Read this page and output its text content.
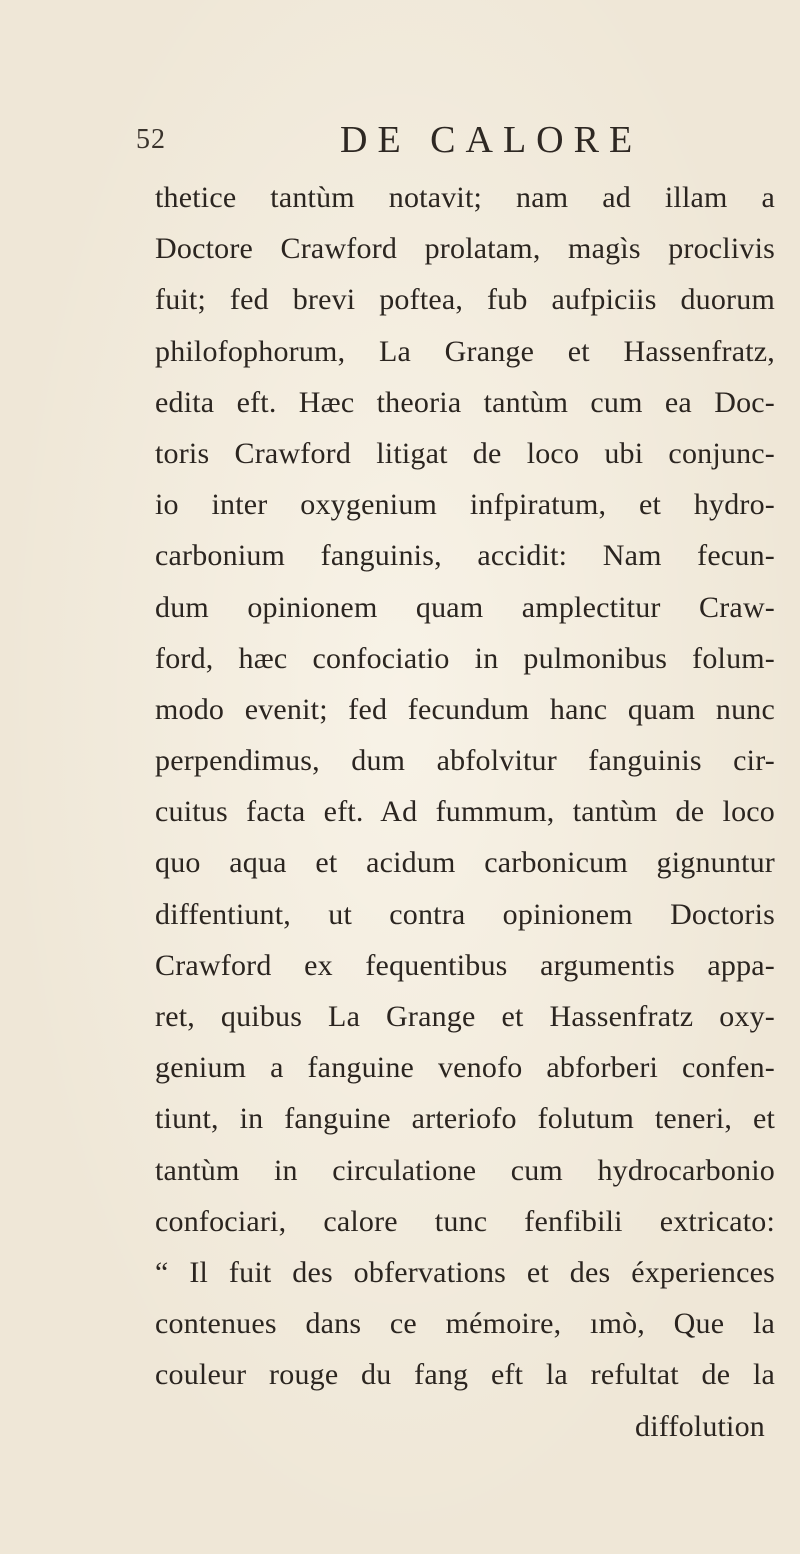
52	DE CALORE
thetice tantùm notavit; nam ad illam a
Doctore Crawford prolatam, magìs proclivis
fuit; fed brevi poftea, fub aufpiciis duorum
philofophorum, La Grange et Hassenfratz,
edita eft. Hæc theoria tantùm cum ea Doc-
toris Crawford litigat de loco ubi conjunc-
io inter oxygenium infpiratum, et hydro-
carbonium fanguinis, accidit: Nam fecun-
dum opinionem quam amplectitur Craw-
ford, hæc confociatio in pulmonibus folum-
modo evenit; fed fecundum hanc quam nunc
perpendimus, dum abfolvitur fanguinis cir-
cuitus facta eft. Ad fummum, tantùm de loco
quo aqua et acidum carbonicum gignuntur
diffentiunt, ut contra opinionem Doctoris
Crawford ex fequentibus argumentis appa-
ret, quibus La Grange et Hassenfratz oxy-
genium a fanguine venofo abforberi confen-
tiunt, in fanguine arteriofo folutum teneri, et
tantùm in circulatione cum hydrocarbonio
confociari, calore tunc fenfibili extricato:
“ Il fuit des obfervations et des éxperiences
contenues dans ce mémoire, ımò, Que la
couleur rouge du fang eft la refultat de la
diffolution
